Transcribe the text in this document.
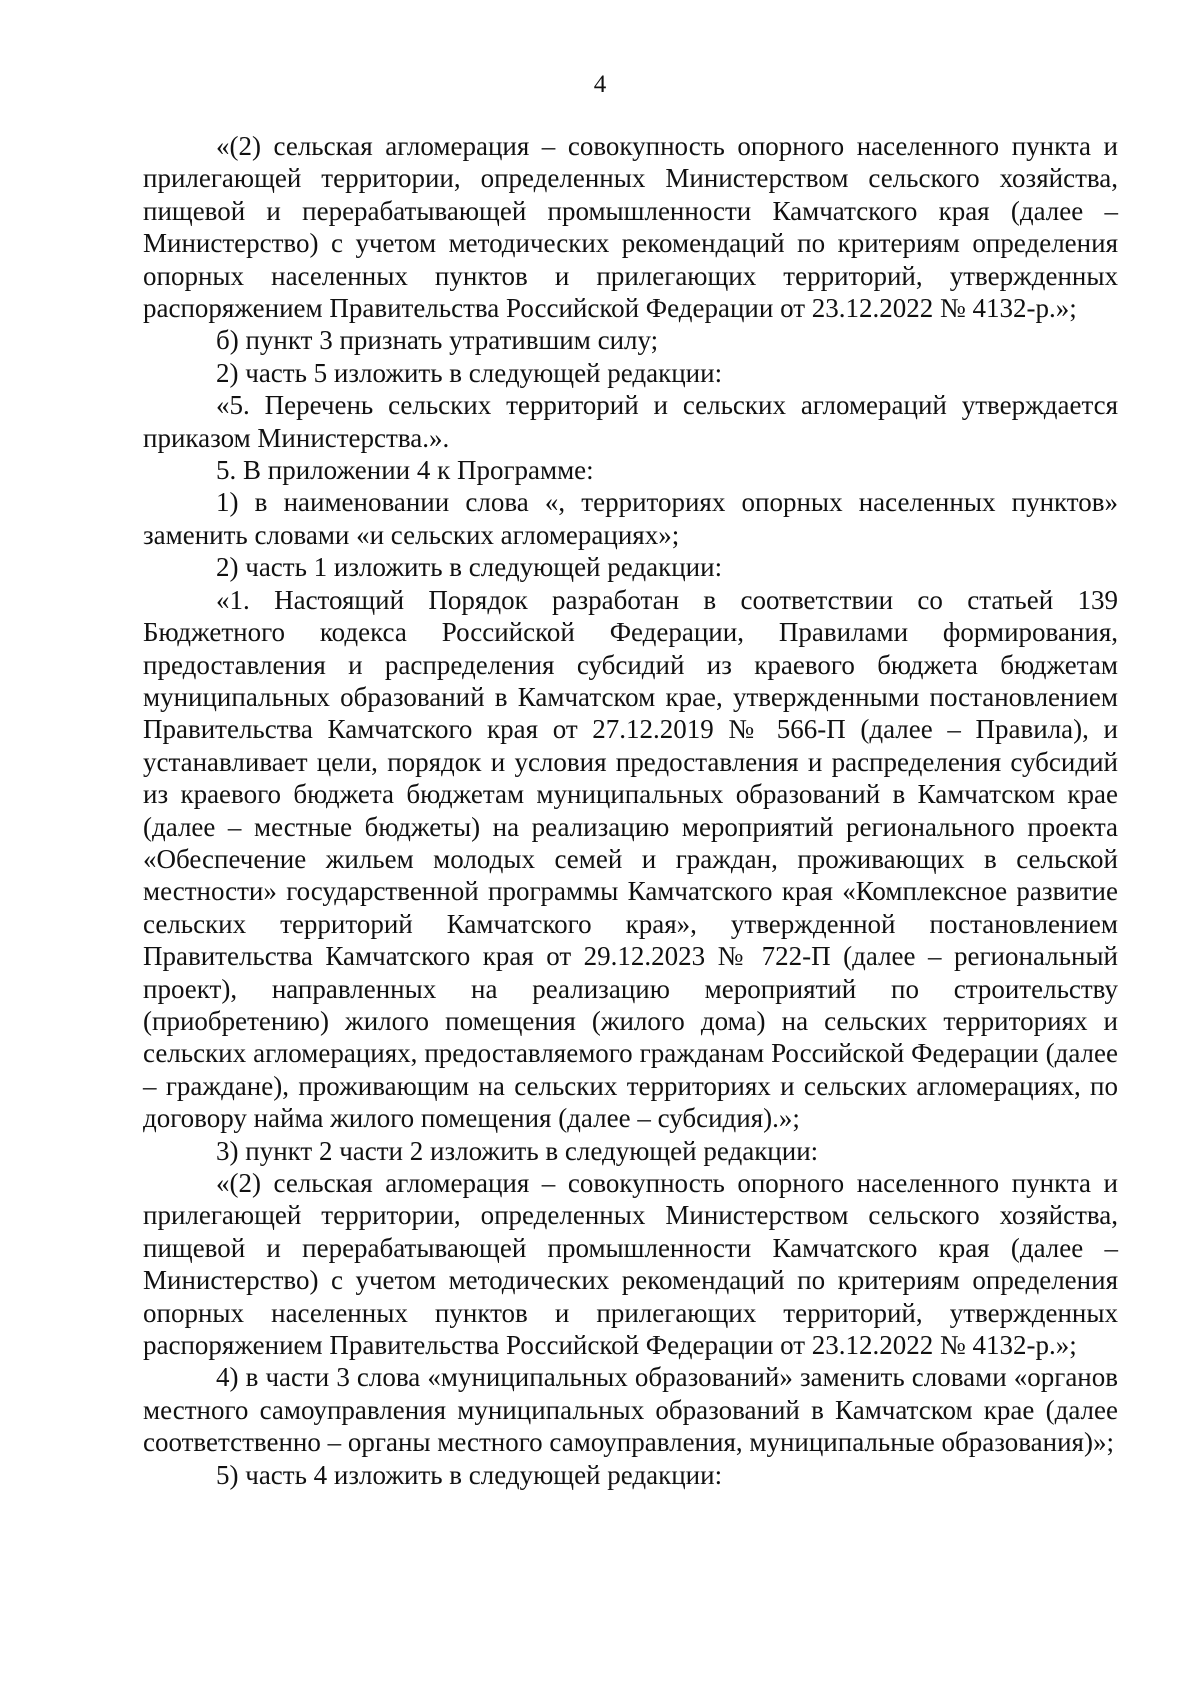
4

«(2) сельская агломерация – совокупность опорного населенного пункта и прилегающей территории, определенных Министерством сельского хозяйства, пищевой и перерабатывающей промышленности Камчатского края (далее – Министерство) с учетом методических рекомендаций по критериям определения опорных населенных пунктов и прилегающих территорий, утвержденных распоряжением Правительства Российской Федерации от 23.12.2022 № 4132-р.»;

б) пункт 3 признать утратившим силу;

2) часть 5 изложить в следующей редакции:

«5. Перечень сельских территорий и сельских агломераций утверждается приказом Министерства.».

5. В приложении 4 к Программе:

1) в наименовании слова «, территориях опорных населенных пунктов» заменить словами «и сельских агломерациях»;

2) часть 1 изложить в следующей редакции:

«1. Настоящий Порядок разработан в соответствии со статьей 139 Бюджетного кодекса Российской Федерации, Правилами формирования, предоставления и распределения субсидий из краевого бюджета бюджетам муниципальных образований в Камчатском крае, утвержденными постановлением Правительства Камчатского края от 27.12.2019 № 566-П (далее – Правила), и устанавливает цели, порядок и условия предоставления и распределения субсидий из краевого бюджета бюджетам муниципальных образований в Камчатском крае (далее – местные бюджеты) на реализацию мероприятий регионального проекта «Обеспечение жильем молодых семей и граждан, проживающих в сельской местности» государственной программы Камчатского края «Комплексное развитие сельских территорий Камчатского края», утвержденной постановлением Правительства Камчатского края от 29.12.2023 № 722-П (далее – региональный проект), направленных на реализацию мероприятий по строительству (приобретению) жилого помещения (жилого дома) на сельских территориях и сельских агломерациях, предоставляемого гражданам Российской Федерации (далее – граждане), проживающим на сельских территориях и сельских агломерациях, по договору найма жилого помещения (далее – субсидия).»;

3) пункт 2 части 2 изложить в следующей редакции:

«(2) сельская агломерация – совокупность опорного населенного пункта и прилегающей территории, определенных Министерством сельского хозяйства, пищевой и перерабатывающей промышленности Камчатского края (далее – Министерство) с учетом методических рекомендаций по критериям определения опорных населенных пунктов и прилегающих территорий, утвержденных распоряжением Правительства Российской Федерации от 23.12.2022 № 4132-р.»;

4) в части 3 слова «муниципальных образований» заменить словами «органов местного самоуправления муниципальных образований в Камчатском крае (далее соответственно – органы местного самоуправления, муниципальные образования)»;

5) часть 4 изложить в следующей редакции:
